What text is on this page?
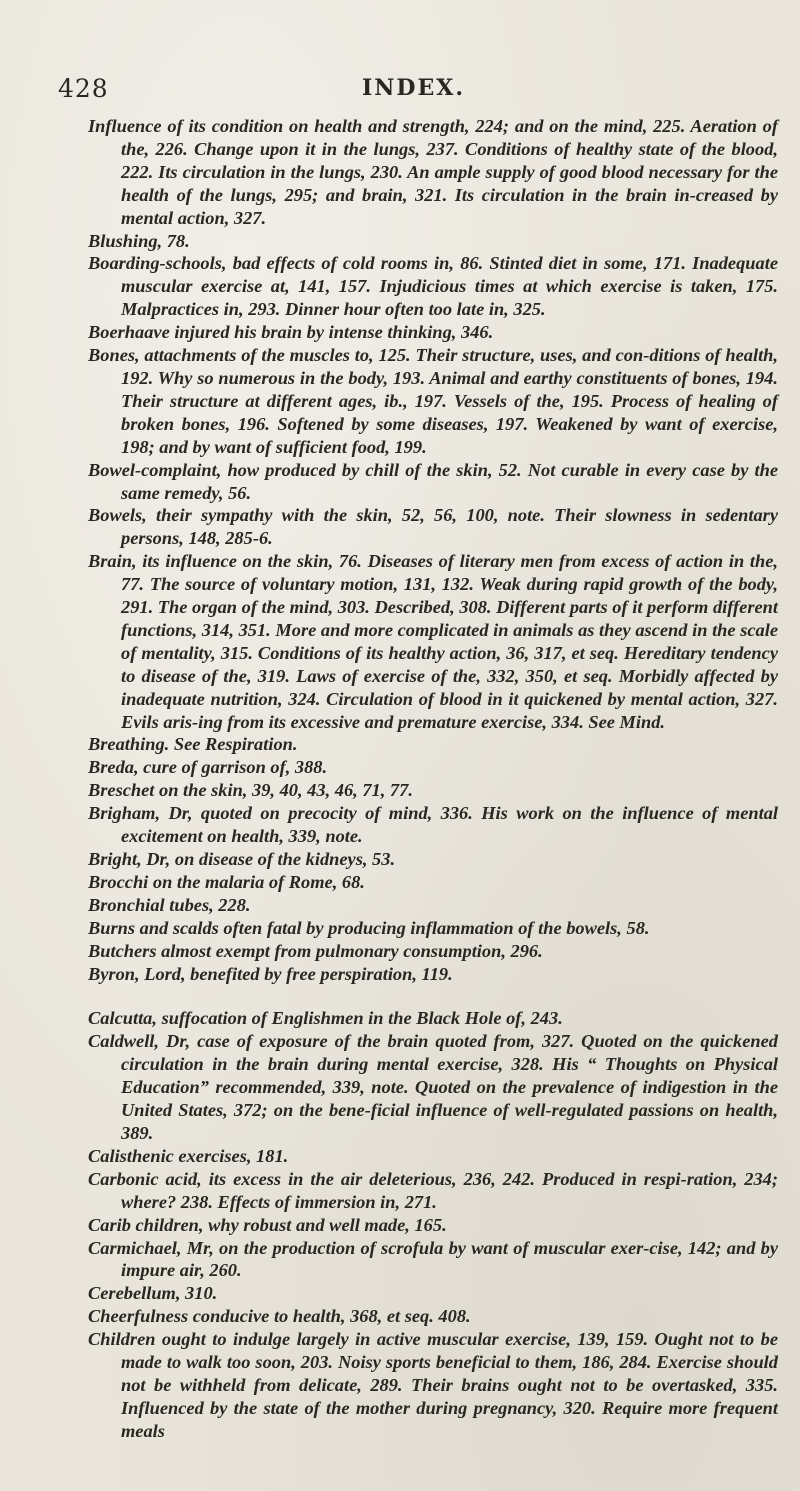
428	INDEX.

Influence of its condition on health and strength, 224; and on the mind, 225. Aeration of the, 226. Change upon it in the lungs, 237. Conditions of healthy state of the blood, 222. Its circulation in the lungs, 230. An ample supply of good blood necessary for the health of the lungs, 295; and brain, 321. Its circulation in the brain in-creased by mental action, 327.

Blushing, 78.

Boarding-schools, bad effects of cold rooms in, 86. Stinted diet in some, 171. Inadequate muscular exercise at, 141, 157. Injudicious times at which exercise is taken, 175. Malpractices in, 293. Dinner hour often too late in, 325.

Boerhaave injured his brain by intense thinking, 346.

Bones, attachments of the muscles to, 125. Their structure, uses, and con-ditions of health, 192. Why so numerous in the body, 193. Animal and earthy constituents of bones, 194. Their structure at different ages, ib., 197. Vessels of the, 195. Process of healing of broken bones, 196. Softened by some diseases, 197. Weakened by want of exercise, 198; and by want of sufficient food, 199.

Bowel-complaint, how produced by chill of the skin, 52. Not curable in every case by the same remedy, 56.

Bowels, their sympathy with the skin, 52, 56, 100, note. Their slowness in sedentary persons, 148, 285-6.

Brain, its influence on the skin, 76. Diseases of literary men from excess of action in the, 77. The source of voluntary motion, 131, 132. Weak during rapid growth of the body, 291. The organ of the mind, 303. Described, 308. Different parts of it perform different functions, 314, 351. More and more complicated in animals as they ascend in the scale of mentality, 315. Conditions of its healthy action, 36, 317, et seq. Hereditary tendency to disease of the, 319. Laws of exercise of the, 332, 350, et seq. Morbidly affected by inadequate nutrition, 324. Circulation of blood in it quickened by mental action, 327. Evils aris-ing from its excessive and premature exercise, 334. See Mind.

Breathing. See Respiration.

Breda, cure of garrison of, 388.

Breschet on the skin, 39, 40, 43, 46, 71, 77.

Brigham, Dr, quoted on precocity of mind, 336. His work on the influence of mental excitement on health, 339, note.

Bright, Dr, on disease of the kidneys, 53.

Brocchi on the malaria of Rome, 68.

Bronchial tubes, 228.

Burns and scalds often fatal by producing inflammation of the bowels, 58.

Butchers almost exempt from pulmonary consumption, 296.

Byron, Lord, benefited by free perspiration, 119.

Calcutta, suffocation of Englishmen in the Black Hole of, 243.

Caldwell, Dr, case of exposure of the brain quoted from, 327. Quoted on the quickened circulation in the brain during mental exercise, 328. His “ Thoughts on Physical Education” recommended, 339, note. Quoted on the prevalence of indigestion in the United States, 372; on the bene-ficial influence of well-regulated passions on health, 389.

Calisthenic exercises, 181.

Carbonic acid, its excess in the air deleterious, 236, 242. Produced in respi-ration, 234; where? 238. Effects of immersion in, 271.

Carib children, why robust and well made, 165.

Carmichael, Mr, on the production of scrofula by want of muscular exer-cise, 142; and by impure air, 260.

Cerebellum, 310.

Cheerfulness conducive to health, 368, et seq. 408.

Children ought to indulge largely in active muscular exercise, 139, 159. Ought not to be made to walk too soon, 203. Noisy sports beneficial to them, 186, 284. Exercise should not be withheld from delicate, 289. Their brains ought not to be overtasked, 335. Influenced by the state of the mother during pregnancy, 320. Require more frequent meals
